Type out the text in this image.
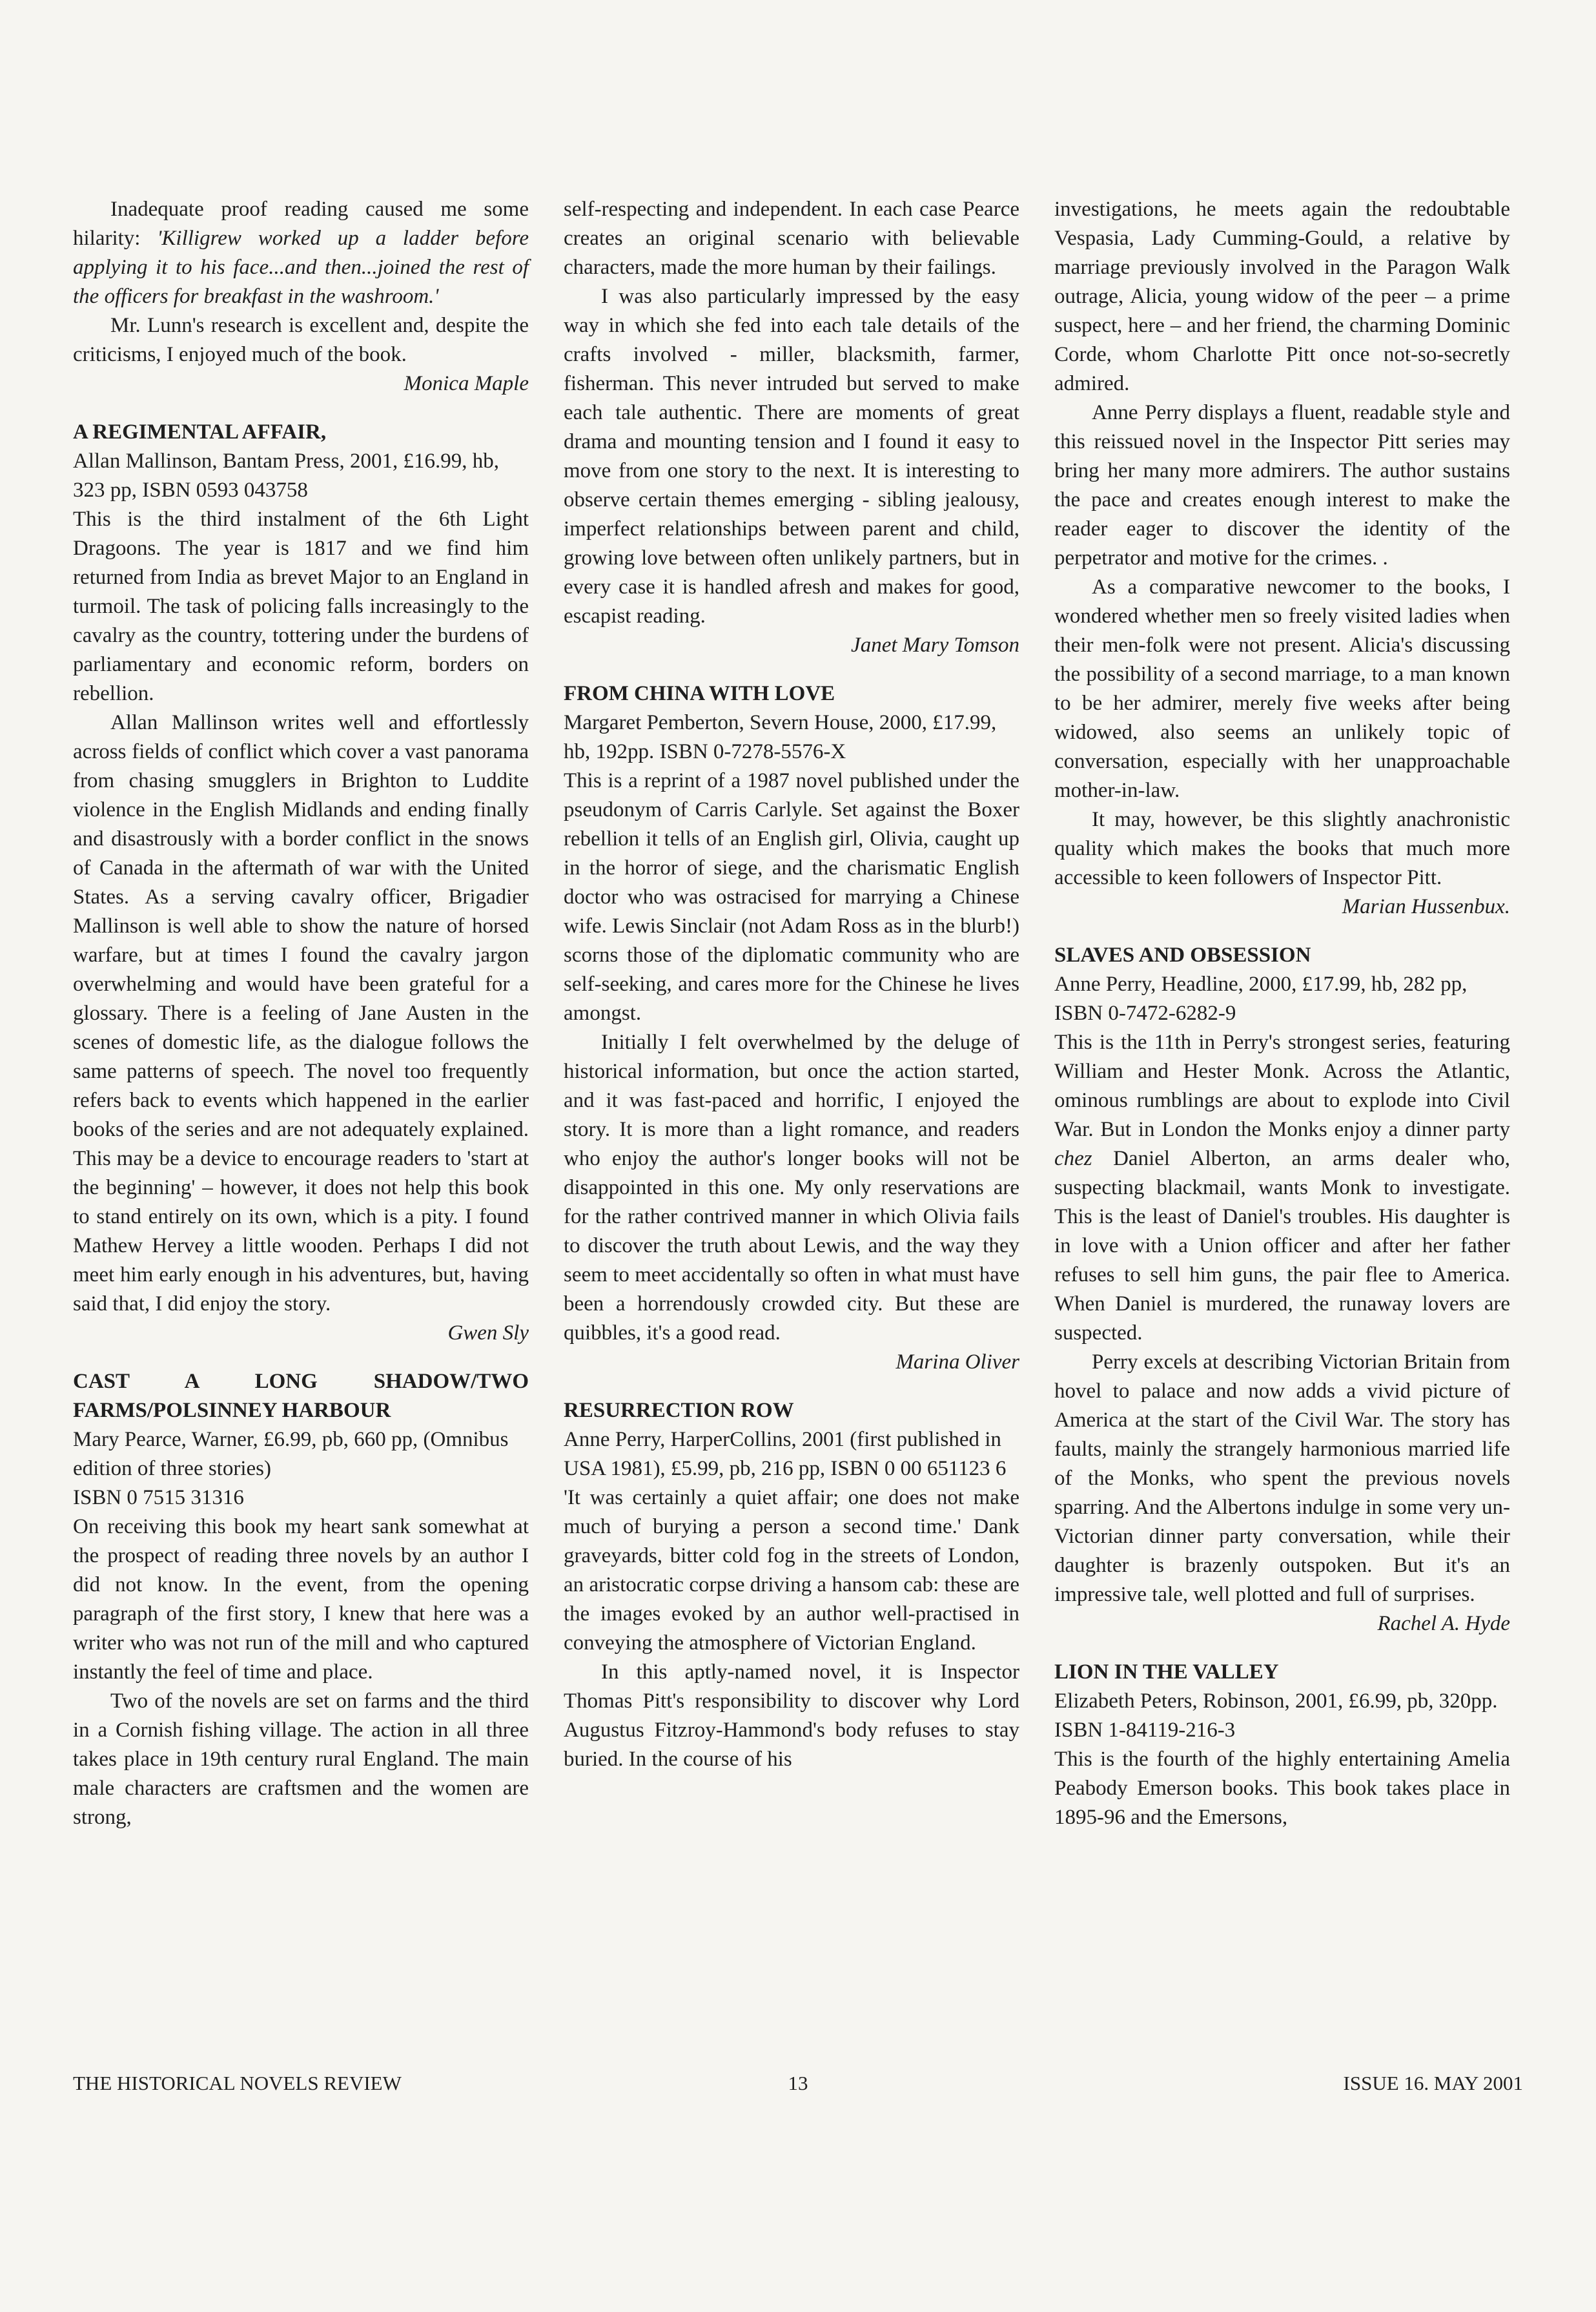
Inadequate proof reading caused me some hilarity: 'Killigrew worked up a ladder before applying it to his face...and then...joined the rest of the officers for breakfast in the washroom.'

Mr. Lunn's research is excellent and, despite the criticisms, I enjoyed much of the book.

Monica Maple

A REGIMENTAL AFFAIR,

Allan Mallinson, Bantam Press, 2001, £16.99, hb, 323 pp, ISBN 0593 043758

This is the third instalment of the 6th Light Dragoons. The year is 1817 and we find him returned from India as brevet Major to an England in turmoil. The task of policing falls increasingly to the cavalry as the country, tottering under the burdens of parliamentary and economic reform, borders on rebellion.

Allan Mallinson writes well and effortlessly across fields of conflict which cover a vast panorama from chasing smugglers in Brighton to Luddite violence in the English Midlands and ending finally and disastrously with a border conflict in the snows of Canada in the aftermath of war with the United States. As a serving cavalry officer, Brigadier Mallinson is well able to show the nature of horsed warfare, but at times I found the cavalry jargon overwhelming and would have been grateful for a glossary. There is a feeling of Jane Austen in the scenes of domestic life, as the dialogue follows the same patterns of speech. The novel too frequently refers back to events which happened in the earlier books of the series and are not adequately explained. This may be a device to encourage readers to 'start at the beginning' – however, it does not help this book to stand entirely on its own, which is a pity. I found Mathew Hervey a little wooden. Perhaps I did not meet him early enough in his adventures, but, having said that, I did enjoy the story.

Gwen Sly

CAST A LONG SHADOW/TWO FARMS/POLSINNEY HARBOUR

Mary Pearce, Warner, £6.99, pb, 660 pp, (Omnibus edition of three stories)

ISBN 0 7515 31316

On receiving this book my heart sank somewhat at the prospect of reading three novels by an author I did not know. In the event, from the opening paragraph of the first story, I knew that here was a writer who was not run of the mill and who captured instantly the feel of time and place.

Two of the novels are set on farms and the third in a Cornish fishing village. The action in all three takes place in 19th century rural England. The main male characters are craftsmen and the women are strong,

self-respecting and independent. In each case Pearce creates an original scenario with believable characters, made the more human by their failings.

I was also particularly impressed by the easy way in which she fed into each tale details of the crafts involved - miller, blacksmith, farmer, fisherman. This never intruded but served to make each tale authentic. There are moments of great drama and mounting tension and I found it easy to move from one story to the next. It is interesting to observe certain themes emerging - sibling jealousy, imperfect relationships between parent and child, growing love between often unlikely partners, but in every case it is handled afresh and makes for good, escapist reading.

Janet Mary Tomson

FROM CHINA WITH LOVE

Margaret Pemberton, Severn House, 2000, £17.99, hb, 192pp. ISBN 0-7278-5576-X

This is a reprint of a 1987 novel published under the pseudonym of Carris Carlyle. Set against the Boxer rebellion it tells of an English girl, Olivia, caught up in the horror of siege, and the charismatic English doctor who was ostracised for marrying a Chinese wife. Lewis Sinclair (not Adam Ross as in the blurb!) scorns those of the diplomatic community who are self-seeking, and cares more for the Chinese he lives amongst.

Initially I felt overwhelmed by the deluge of historical information, but once the action started, and it was fast-paced and horrific, I enjoyed the story. It is more than a light romance, and readers who enjoy the author's longer books will not be disappointed in this one. My only reservations are for the rather contrived manner in which Olivia fails to discover the truth about Lewis, and the way they seem to meet accidentally so often in what must have been a horrendously crowded city. But these are quibbles, it's a good read.

Marina Oliver

RESURRECTION ROW

Anne Perry, HarperCollins, 2001 (first published in USA 1981), £5.99, pb, 216 pp, ISBN 0 00 651123 6

'It was certainly a quiet affair; one does not make much of burying a person a second time.' Dank graveyards, bitter cold fog in the streets of London, an aristocratic corpse driving a hansom cab: these are the images evoked by an author well-practised in conveying the atmosphere of Victorian England.

In this aptly-named novel, it is Inspector Thomas Pitt's responsibility to discover why Lord Augustus Fitzroy-Hammond's body refuses to stay buried. In the course of his

investigations, he meets again the redoubtable Vespasia, Lady Cumming-Gould, a relative by marriage previously involved in the Paragon Walk outrage, Alicia, young widow of the peer – a prime suspect, here – and her friend, the charming Dominic Corde, whom Charlotte Pitt once not-so-secretly admired.

Anne Perry displays a fluent, readable style and this reissued novel in the Inspector Pitt series may bring her many more admirers. The author sustains the pace and creates enough interest to make the reader eager to discover the identity of the perpetrator and motive for the crimes. .

As a comparative newcomer to the books, I wondered whether men so freely visited ladies when their men-folk were not present. Alicia's discussing the possibility of a second marriage, to a man known to be her admirer, merely five weeks after being widowed, also seems an unlikely topic of conversation, especially with her unapproachable mother-in-law.

It may, however, be this slightly anachronistic quality which makes the books that much more accessible to keen followers of Inspector Pitt.

Marian Hussenbux.

SLAVES AND OBSESSION

Anne Perry, Headline, 2000, £17.99, hb, 282 pp, ISBN 0-7472-6282-9

This is the 11th in Perry's strongest series, featuring William and Hester Monk. Across the Atlantic, ominous rumblings are about to explode into Civil War. But in London the Monks enjoy a dinner party chez Daniel Alberton, an arms dealer who, suspecting blackmail, wants Monk to investigate. This is the least of Daniel's troubles. His daughter is in love with a Union officer and after her father refuses to sell him guns, the pair flee to America. When Daniel is murdered, the runaway lovers are suspected.

Perry excels at describing Victorian Britain from hovel to palace and now adds a vivid picture of America at the start of the Civil War. The story has faults, mainly the strangely harmonious married life of the Monks, who spent the previous novels sparring. And the Albertons indulge in some very un-Victorian dinner party conversation, while their daughter is brazenly outspoken. But it's an impressive tale, well plotted and full of surprises.

Rachel A. Hyde

LION IN THE VALLEY

Elizabeth Peters, Robinson, 2001, £6.99, pb, 320pp. ISBN 1-84119-216-3

This is the fourth of the highly entertaining Amelia Peabody Emerson books. This book takes place in 1895-96 and the Emersons,

THE HISTORICAL NOVELS REVIEW	13	ISSUE 16. MAY 2001
